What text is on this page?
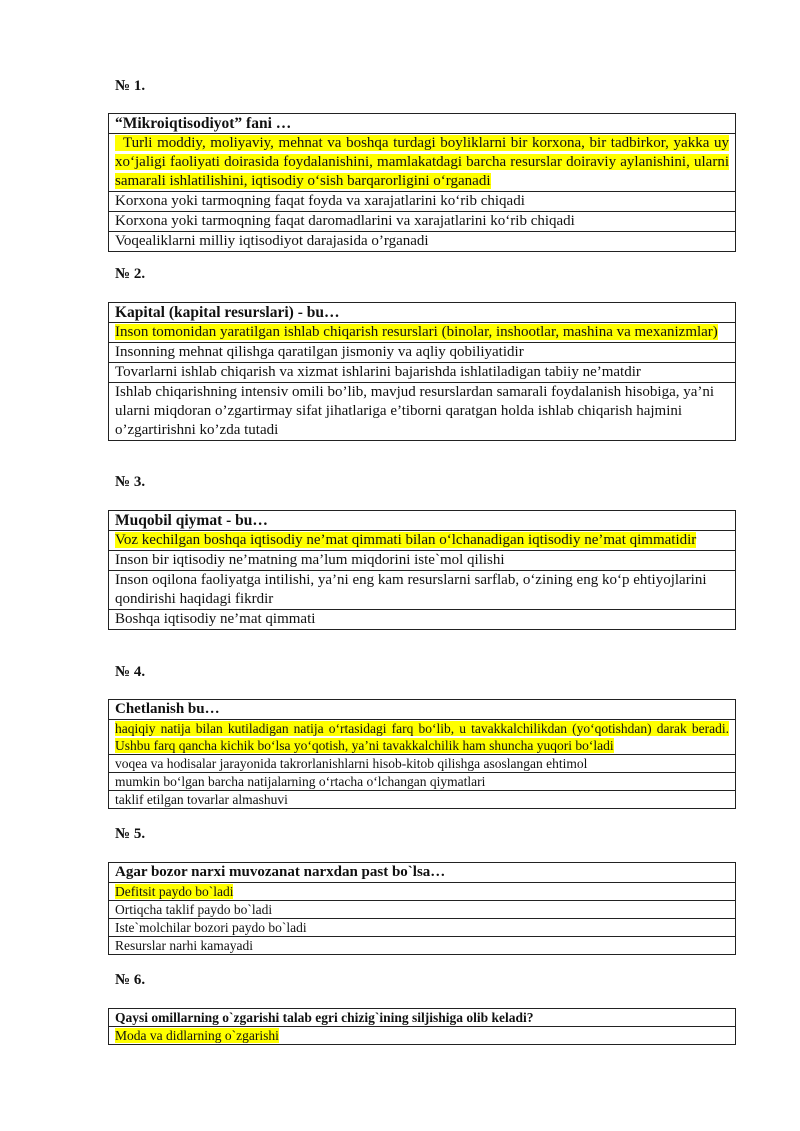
№ 1.
“Mikroiqtisodiyot” fani …
Turli moddiy, moliyaviy, mehnat va boshqa turdagi boyliklarni bir korxona, bir tadbirkor, yakka uy xo‘jaligi faoliyati doirasida foydalanishini, mamlakatdagi barcha resurslar doiraviy aylanishini, ularni samarali ishlatilishini, iqtisodiy o‘sish barqarorligini o‘rganadi
Korxona yoki tarmoqning faqat foyda va xarajatlarini ko‘rib chiqadi
Korxona yoki tarmoqning faqat daromadlarini va xarajatlarini ko‘rib chiqadi
Voqealiklarni milliy iqtisodiyot darajasida o’rganadi
№ 2.
Kapital (kapital resurslari) - bu…
Inson tomonidan yaratilgan ishlab chiqarish resurslari (binolar, inshootlar, mashina va mexanizmlar)
Insonning mehnat qilishga qaratilgan jismoniy va aqliy qobiliyatidir
Tovarlarni ishlab chiqarish va xizmat ishlarini bajarishda ishlatiladigan tabiiy ne’matdir
Ishlab chiqarishning intensiv omili bo’lib, mavjud resurslardan samarali foydalanish hisobiga, ya’ni ularni miqdoran o’zgartirmay sifat jihatlariga e’tiborni qaratgan holda ishlab chiqarish hajmini o’zgartirishni ko’zda tutadi
№ 3.
Muqobil qiymat - bu…
Voz kechilgan boshqa iqtisodiy ne’mat qimmati bilan o‘lchanadigan iqtisodiy ne’mat qimmatidir
Inson bir iqtisodiy ne’matning ma’lum miqdorini iste`mol qilishi
Inson oqilona faoliyatga intilishi, ya’ni eng kam resurslarni sarflab, o‘zining eng ko‘p ehtiyojlarini qondirishi haqidagi fikrdir
Boshqa iqtisodiy ne’mat qimmati
№ 4.
Chetlanish bu…
haqiqiy natija bilan kutiladigan natija o‘rtasidagi farq bo‘lib, u tavakkalchilikdan (yo‘qotishdan) darak beradi. Ushbu farq qancha kichik bo‘lsa yo‘qotish, ya’ni tavakkalchilik ham shuncha yuqori bo‘ladi
voqea va hodisalar jarayonida takrorlanishlarni hisob-kitob qilishga asoslangan ehtimol
mumkin bo‘lgan barcha natijalarning o‘rtacha o‘lchangan qiymatlari
taklif etilgan tovarlar almashuvi
№ 5.
Agar bozor narxi muvozanat narxdan past bo`lsa…
Defitsit paydo bo`ladi
Ortiqcha taklif paydo bo`ladi
Iste`molchilar bozori paydo bo`ladi
Resurslar narhi kamayadi
№ 6.
Qaysi omillarning o`zgarishi talab egri chizig`ining siljishiga olib keladi?
Moda va didlarning o`zgarishi
